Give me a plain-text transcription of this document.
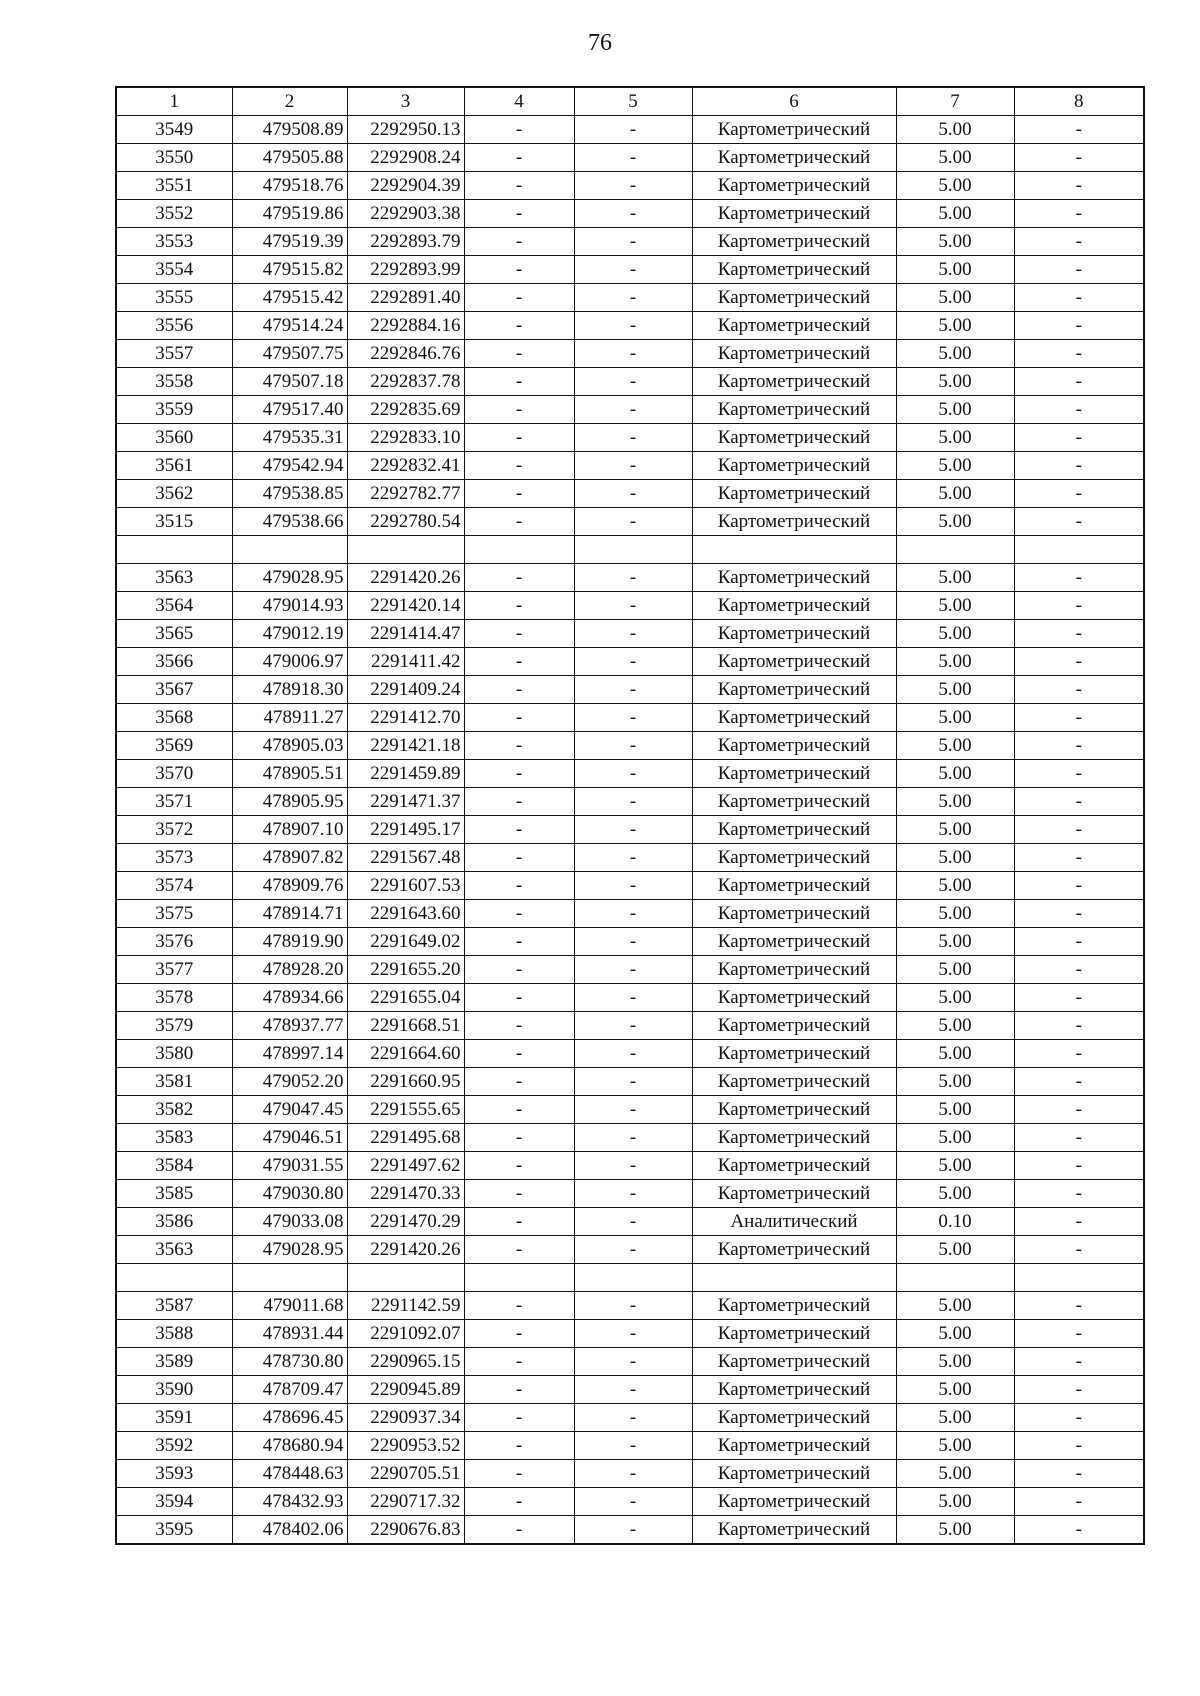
76
1	2	3	4	5	6	7	8
3549	479508.89	2292950.13	-	-	Картометрический	5.00	-
3550	479505.88	2292908.24	-	-	Картометрический	5.00	-
3551	479518.76	2292904.39	-	-	Картометрический	5.00	-
3552	479519.86	2292903.38	-	-	Картометрический	5.00	-
3553	479519.39	2292893.79	-	-	Картометрический	5.00	-
3554	479515.82	2292893.99	-	-	Картометрический	5.00	-
3555	479515.42	2292891.40	-	-	Картометрический	5.00	-
3556	479514.24	2292884.16	-	-	Картометрический	5.00	-
3557	479507.75	2292846.76	-	-	Картометрический	5.00	-
3558	479507.18	2292837.78	-	-	Картометрический	5.00	-
3559	479517.40	2292835.69	-	-	Картометрический	5.00	-
3560	479535.31	2292833.10	-	-	Картометрический	5.00	-
3561	479542.94	2292832.41	-	-	Картометрический	5.00	-
3562	479538.85	2292782.77	-	-	Картометрический	5.00	-
3515	479538.66	2292780.54	-	-	Картометрический	5.00	-

3563	479028.95	2291420.26	-	-	Картометрический	5.00	-
3564	479014.93	2291420.14	-	-	Картометрический	5.00	-
3565	479012.19	2291414.47	-	-	Картометрический	5.00	-
3566	479006.97	2291411.42	-	-	Картометрический	5.00	-
3567	478918.30	2291409.24	-	-	Картометрический	5.00	-
3568	478911.27	2291412.70	-	-	Картометрический	5.00	-
3569	478905.03	2291421.18	-	-	Картометрический	5.00	-
3570	478905.51	2291459.89	-	-	Картометрический	5.00	-
3571	478905.95	2291471.37	-	-	Картометрический	5.00	-
3572	478907.10	2291495.17	-	-	Картометрический	5.00	-
3573	478907.82	2291567.48	-	-	Картометрический	5.00	-
3574	478909.76	2291607.53	-	-	Картометрический	5.00	-
3575	478914.71	2291643.60	-	-	Картометрический	5.00	-
3576	478919.90	2291649.02	-	-	Картометрический	5.00	-
3577	478928.20	2291655.20	-	-	Картометрический	5.00	-
3578	478934.66	2291655.04	-	-	Картометрический	5.00	-
3579	478937.77	2291668.51	-	-	Картометрический	5.00	-
3580	478997.14	2291664.60	-	-	Картометрический	5.00	-
3581	479052.20	2291660.95	-	-	Картометрический	5.00	-
3582	479047.45	2291555.65	-	-	Картометрический	5.00	-
3583	479046.51	2291495.68	-	-	Картометрический	5.00	-
3584	479031.55	2291497.62	-	-	Картометрический	5.00	-
3585	479030.80	2291470.33	-	-	Картометрический	5.00	-
3586	479033.08	2291470.29	-	-	Аналитический	0.10	-
3563	479028.95	2291420.26	-	-	Картометрический	5.00	-

3587	479011.68	2291142.59	-	-	Картометрический	5.00	-
3588	478931.44	2291092.07	-	-	Картометрический	5.00	-
3589	478730.80	2290965.15	-	-	Картометрический	5.00	-
3590	478709.47	2290945.89	-	-	Картометрический	5.00	-
3591	478696.45	2290937.34	-	-	Картометрический	5.00	-
3592	478680.94	2290953.52	-	-	Картометрический	5.00	-
3593	478448.63	2290705.51	-	-	Картометрический	5.00	-
3594	478432.93	2290717.32	-	-	Картометрический	5.00	-
3595	478402.06	2290676.83	-	-	Картометрический	5.00	-
